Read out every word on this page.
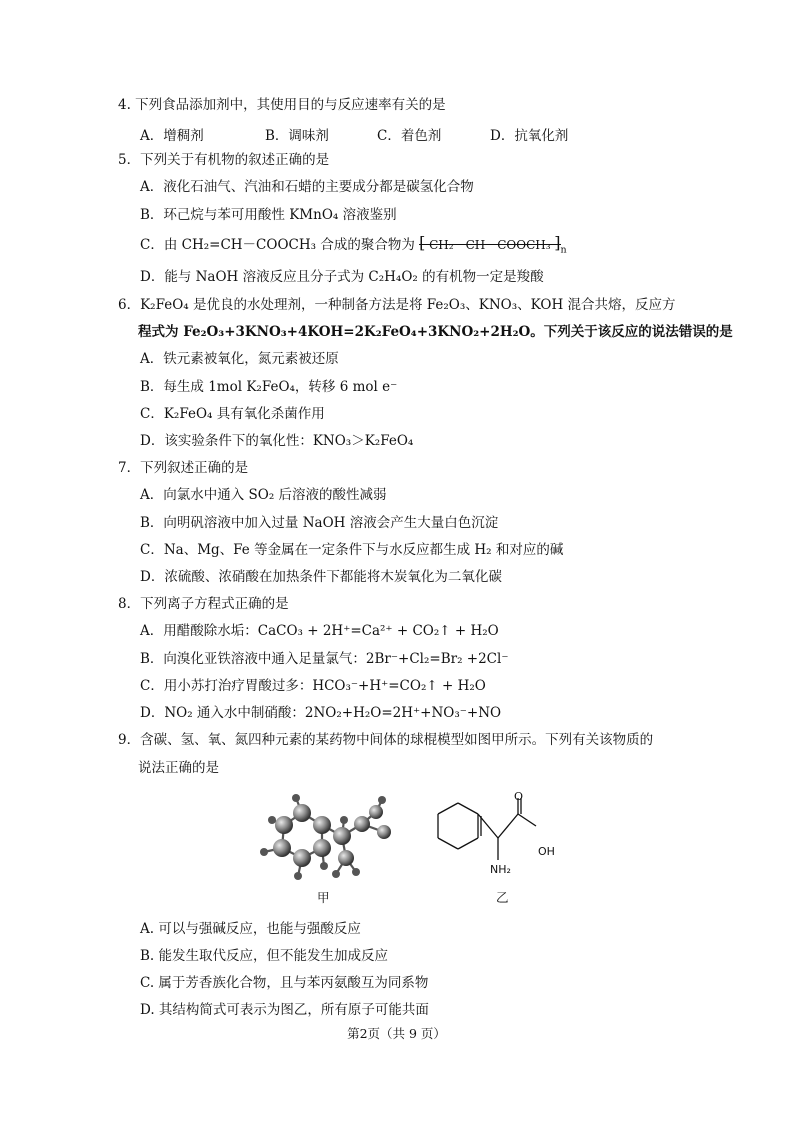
4. 下列食品添加剂中，其使用目的与反应速率有关的是
A．增稠剂	B．调味剂	C．着色剂	D．抗氧化剂
5．下列关于有机物的叙述正确的是
A．液化石油气、汽油和石蜡的主要成分都是碳氢化合物
B．环己烷与苯可用酸性 KMnO₄ 溶液鉴别
C．由 CH₂=CH－COOCH₃ 合成的聚合物为 [ CH₂－CH－COOCH₃ ] $_n$
D．能与 NaOH 溶液反应且分子式为 C₂H₄O₂ 的有机物一定是羧酸
6．K₂FeO₄ 是优良的水处理剂，一种制备方法是将 Fe₂O₃、KNO₃、KOH 混合共熔，反应方
程式为 Fe₂O₃+3KNO₃+4KOH=2K₂FeO₄+3KNO₂+2H₂O。下列关于该反应的说法错误的是
A．铁元素被氧化，氮元素被还原
B．每生成 1mol K₂FeO₄，转移 6 mol e⁻
C．K₂FeO₄ 具有氧化杀菌作用
D．该实验条件下的氧化性：KNO₃＞K₂FeO₄
7．下列叙述正确的是
A．向氯水中通入 SO₂ 后溶液的酸性减弱
B．向明矾溶液中加入过量 NaOH 溶液会产生大量白色沉淀
C．Na、Mg、Fe 等金属在一定条件下与水反应都生成 H₂ 和对应的碱
D．浓硫酸、浓硝酸在加热条件下都能将木炭氧化为二氧化碳
8．下列离子方程式正确的是
A．用醋酸除水垢：CaCO₃ + 2H⁺=Ca²⁺ + CO₂↑ + H₂O
B．向溴化亚铁溶液中通入足量氯气：2Br⁻+Cl₂=Br₂ +2Cl⁻
C．用小苏打治疗胃酸过多：HCO₃⁻+H⁺=CO₂↑ + H₂O
D．NO₂ 通入水中制硝酸：2NO₂+H₂O=2H⁺+NO₃⁻+NO
9．含碳、氢、氧、氮四种元素的某药物中间体的球棍模型如图甲所示。下列有关该物质的
说法正确的是
甲
O
OH
NH₂
乙
A. 可以与强碱反应，也能与强酸反应
B. 能发生取代反应，但不能发生加成反应
C. 属于芳香族化合物，且与苯丙氨酸互为同系物
D. 其结构简式可表示为图乙，所有原子可能共面
第2页（共 9 页）
